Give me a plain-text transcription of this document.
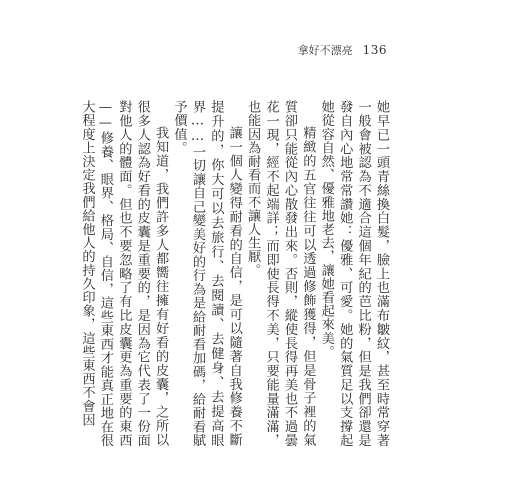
拿好不漂亮 136

她早已一頭青絲換白髮，臉上也滿布皺紋，甚至時常穿著一般會被認為不適合這個年紀的芭比粉，但是我們卻還是發自內心地常常讚她：優雅、可愛。她的氣質足以支撐起她從容自然、優雅地老去，讓她看起來美。

精緻的五官往往可以透過修飾獲得，但是骨子裡的氣質卻只能從內心散發出來。否則，縱使長得再美也不過曇花一現，經不起端詳；而即使長得不美，只要能量滿滿，也能因為耐看而不讓人生厭。

讓一個人變得耐看的自信，是可以隨著自我修養不斷提升的，你大可以去旅行、去閱讀、去健身、去提高眼界……一切讓自己變美好的行為是給耐看加碼，給耐看賦予價值。

我知道，我們許多人都嚮往擁有好看的皮囊，之所以很多人認為好看的皮囊是重要的，是因為它代表了一份面對他人的體面。但也不要忽略了有比皮囊更為重要的東西——修養、眼界、格局、自信，這些東西才能真正地在很大程度上決定我們給他人的持久印象，這些東西不會因
